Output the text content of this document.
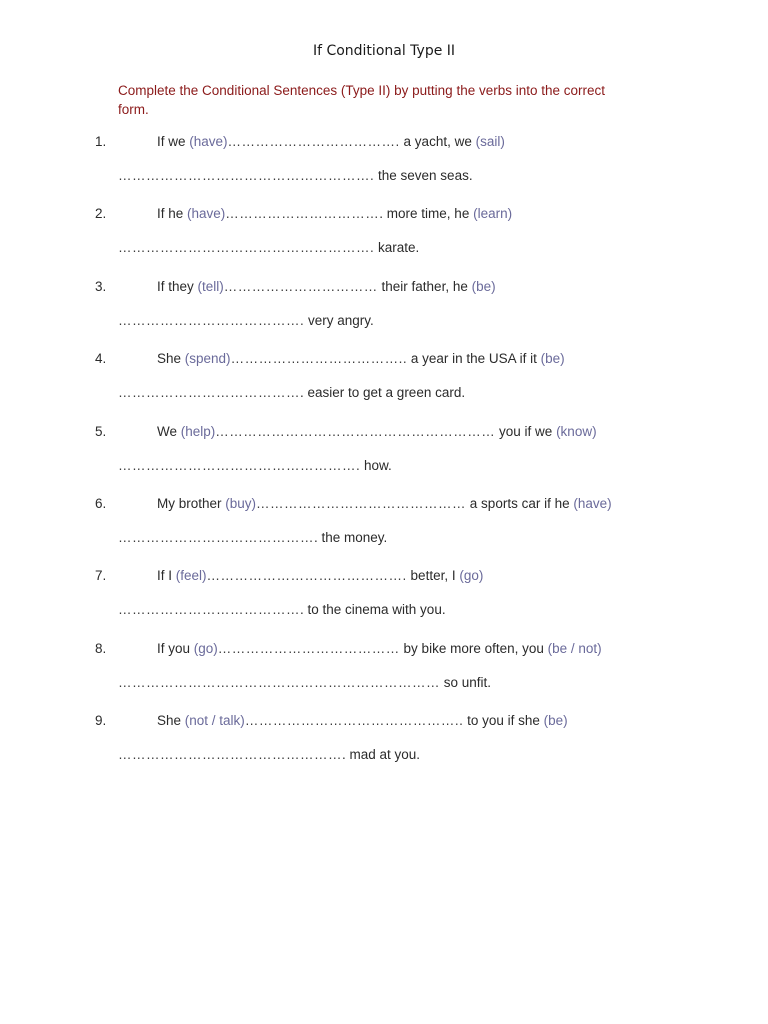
If Conditional Type II
Complete the Conditional Sentences (Type II) by putting the verbs into the correct form.
1.	If we (have)………………………………. a yacht, we (sail)
………………………………………………. the seven seas.
2.	If he (have)……………………………. more time, he (learn)
………………………………………………. karate.
3.	If they (tell)…………………………… their father, he (be)
…………………………………. very angry.
4.	She (spend)……………………………….. a year in the USA if it (be)
…………………………………. easier to get a green card.
5.	We (help)…………………………………………………… you if we (know)
……………………………………………. how.
6.	My brother (buy)……………………………………… a sports car if he (have)
……………………………………. the money.
7.	If I (feel)……………………………………. better, I (go)
…………………………………. to the cinema with you.
8.	If you (go)………………………………… by bike more often, you (be / not)
…………………………………………………………… so unfit.
9.	She (not / talk)……………………………………….. to you if she (be)
…………………………………………. mad at you.
